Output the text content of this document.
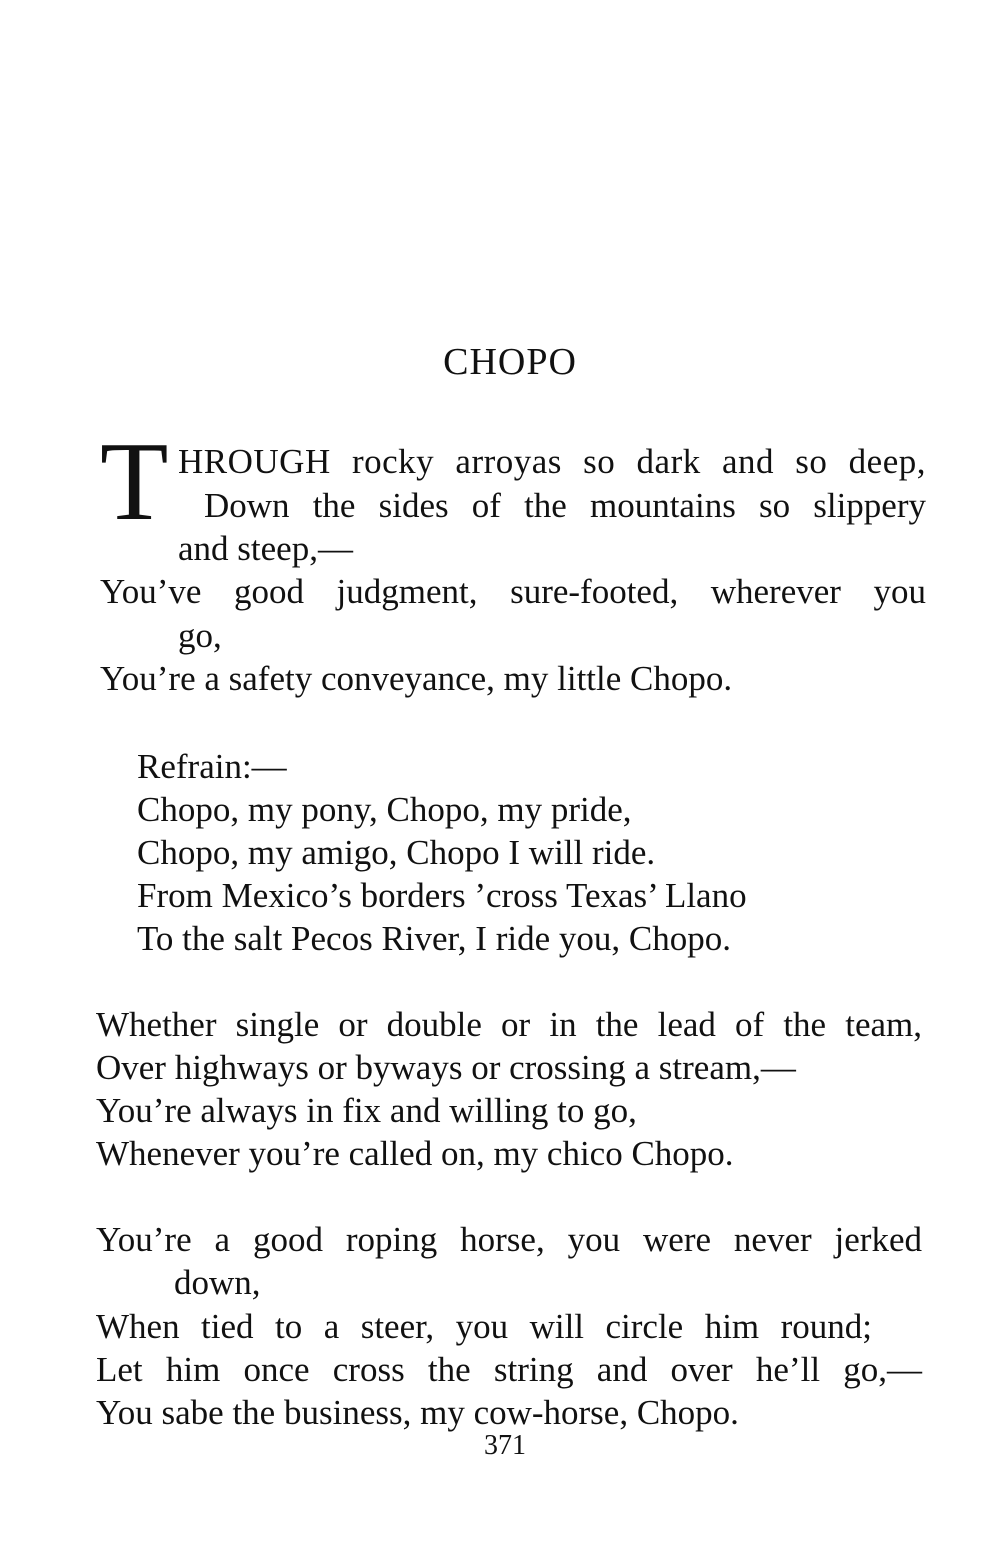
CHOPO
T HROUGH rocky arroyas so dark and so deep,
Down the sides of the mountains so slippery
and steep,—
You’ve good judgment, sure-footed, wherever you
go,
You’re a safety conveyance, my little Chopo.
Refrain:—
Chopo, my pony, Chopo, my pride,
Chopo, my amigo, Chopo I will ride.
From Mexico’s borders ’cross Texas’ Llano
To the salt Pecos River, I ride you, Chopo.
Whether single or double or in the lead of the team,
Over highways or byways or crossing a stream,—
You’re always in fix and willing to go,
Whenever you’re called on, my chico Chopo.
You’re a good roping horse, you were never jerked
down,
When tied to a steer, you will circle him round;
Let him once cross the string and over he’ll go,—
You sabe the business, my cow-horse, Chopo.
371
